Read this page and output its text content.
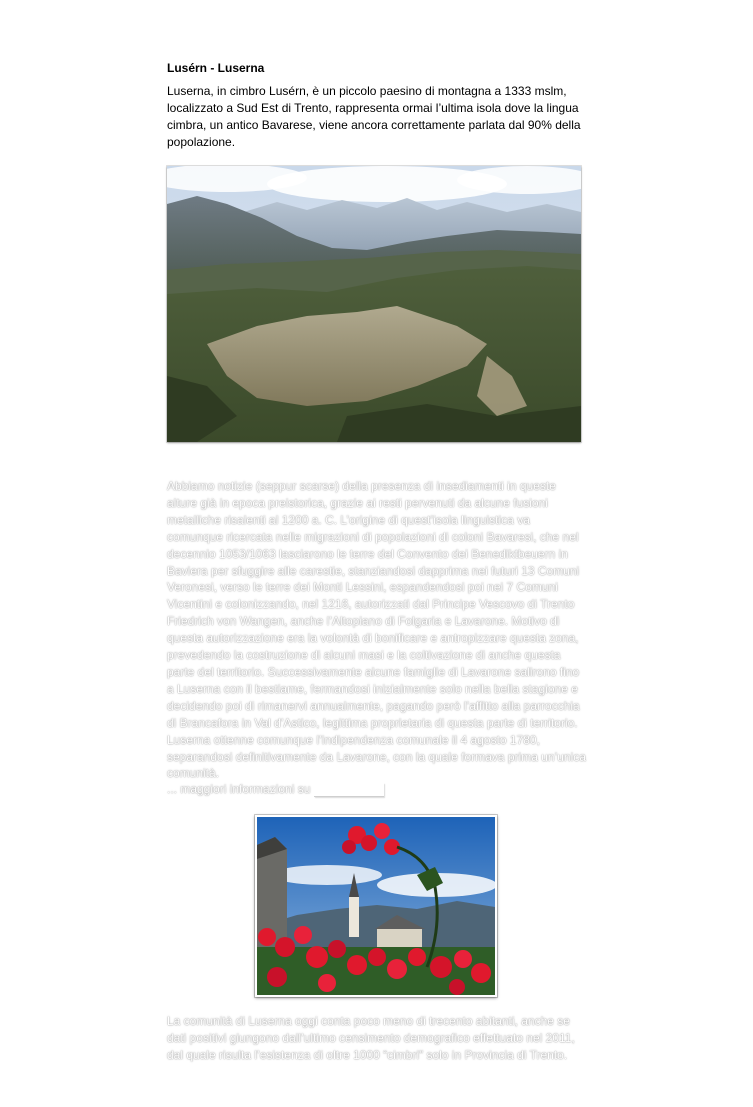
Lusérn - Luserna
Luserna, in cimbro Lusérn, è un piccolo paesino di montagna a 1333 mslm, localizzato a Sud Est di Trento, rappresenta ormai l’ultima isola dove la lingua cimbra, un antico Bavarese, viene ancora correttamente parlata dal 90% della popolazione.
Abbiamo notizie (seppur scarse) della presenza di insediamenti in queste alture già in epoca preistorica, grazie ai resti pervenuti da alcune fusioni metalliche risalenti al 1200 a. C. L’origine di quest’isola linguistica va comunque ricercata nelle migrazioni di popolazioni di coloni Bavaresi, che nel decennio 1053/1063 lasciarono le terre del Convento dei Benediktbeuern in Baviera per sfuggire alle carestie, stanziandosi dapprima nei futuri 13 Comuni Veronesi, verso le terre dei Monti Lessini, espandendosi poi nei 7 Comuni Vicentini e colonizzando, nel 1216, autorizzati dal Principe Vescovo di Trento Friedrich von Wangen, anche l’Altopiano di Folgaria e Lavarone. Motivo di questa autorizzazione era la volontà di bonificare e antropizzare questa zona, prevedendo la costruzione di alcuni masi e la coltivazione di anche questa parte del territorio. Successivamente alcune famiglie di Lavarone salirono fino a Luserna con il bestiame, fermandosi inizialmente solo nella bella stagione e decidendo poi di rimanervi annualmente, pagando però l’affitto alla parrocchia di Brancafora in Val d’Astico, legittima proprietaria di questa parte di territorio. Luserna ottenne comunque l’indipendenza comunale il 4 agosto 1780, separandosi definitivamente da Lavarone, con la quale formava prima un’unica comunità.
... maggiori informazioni su
La comunità di Luserna oggi conta poco meno di trecento abitanti, anche se dati positivi giungono dall’ultimo censimento demografico effettuato nel 2011, dal quale risulta l’esistenza di oltre 1000 “cimbri” solo in Provincia di Trento.
